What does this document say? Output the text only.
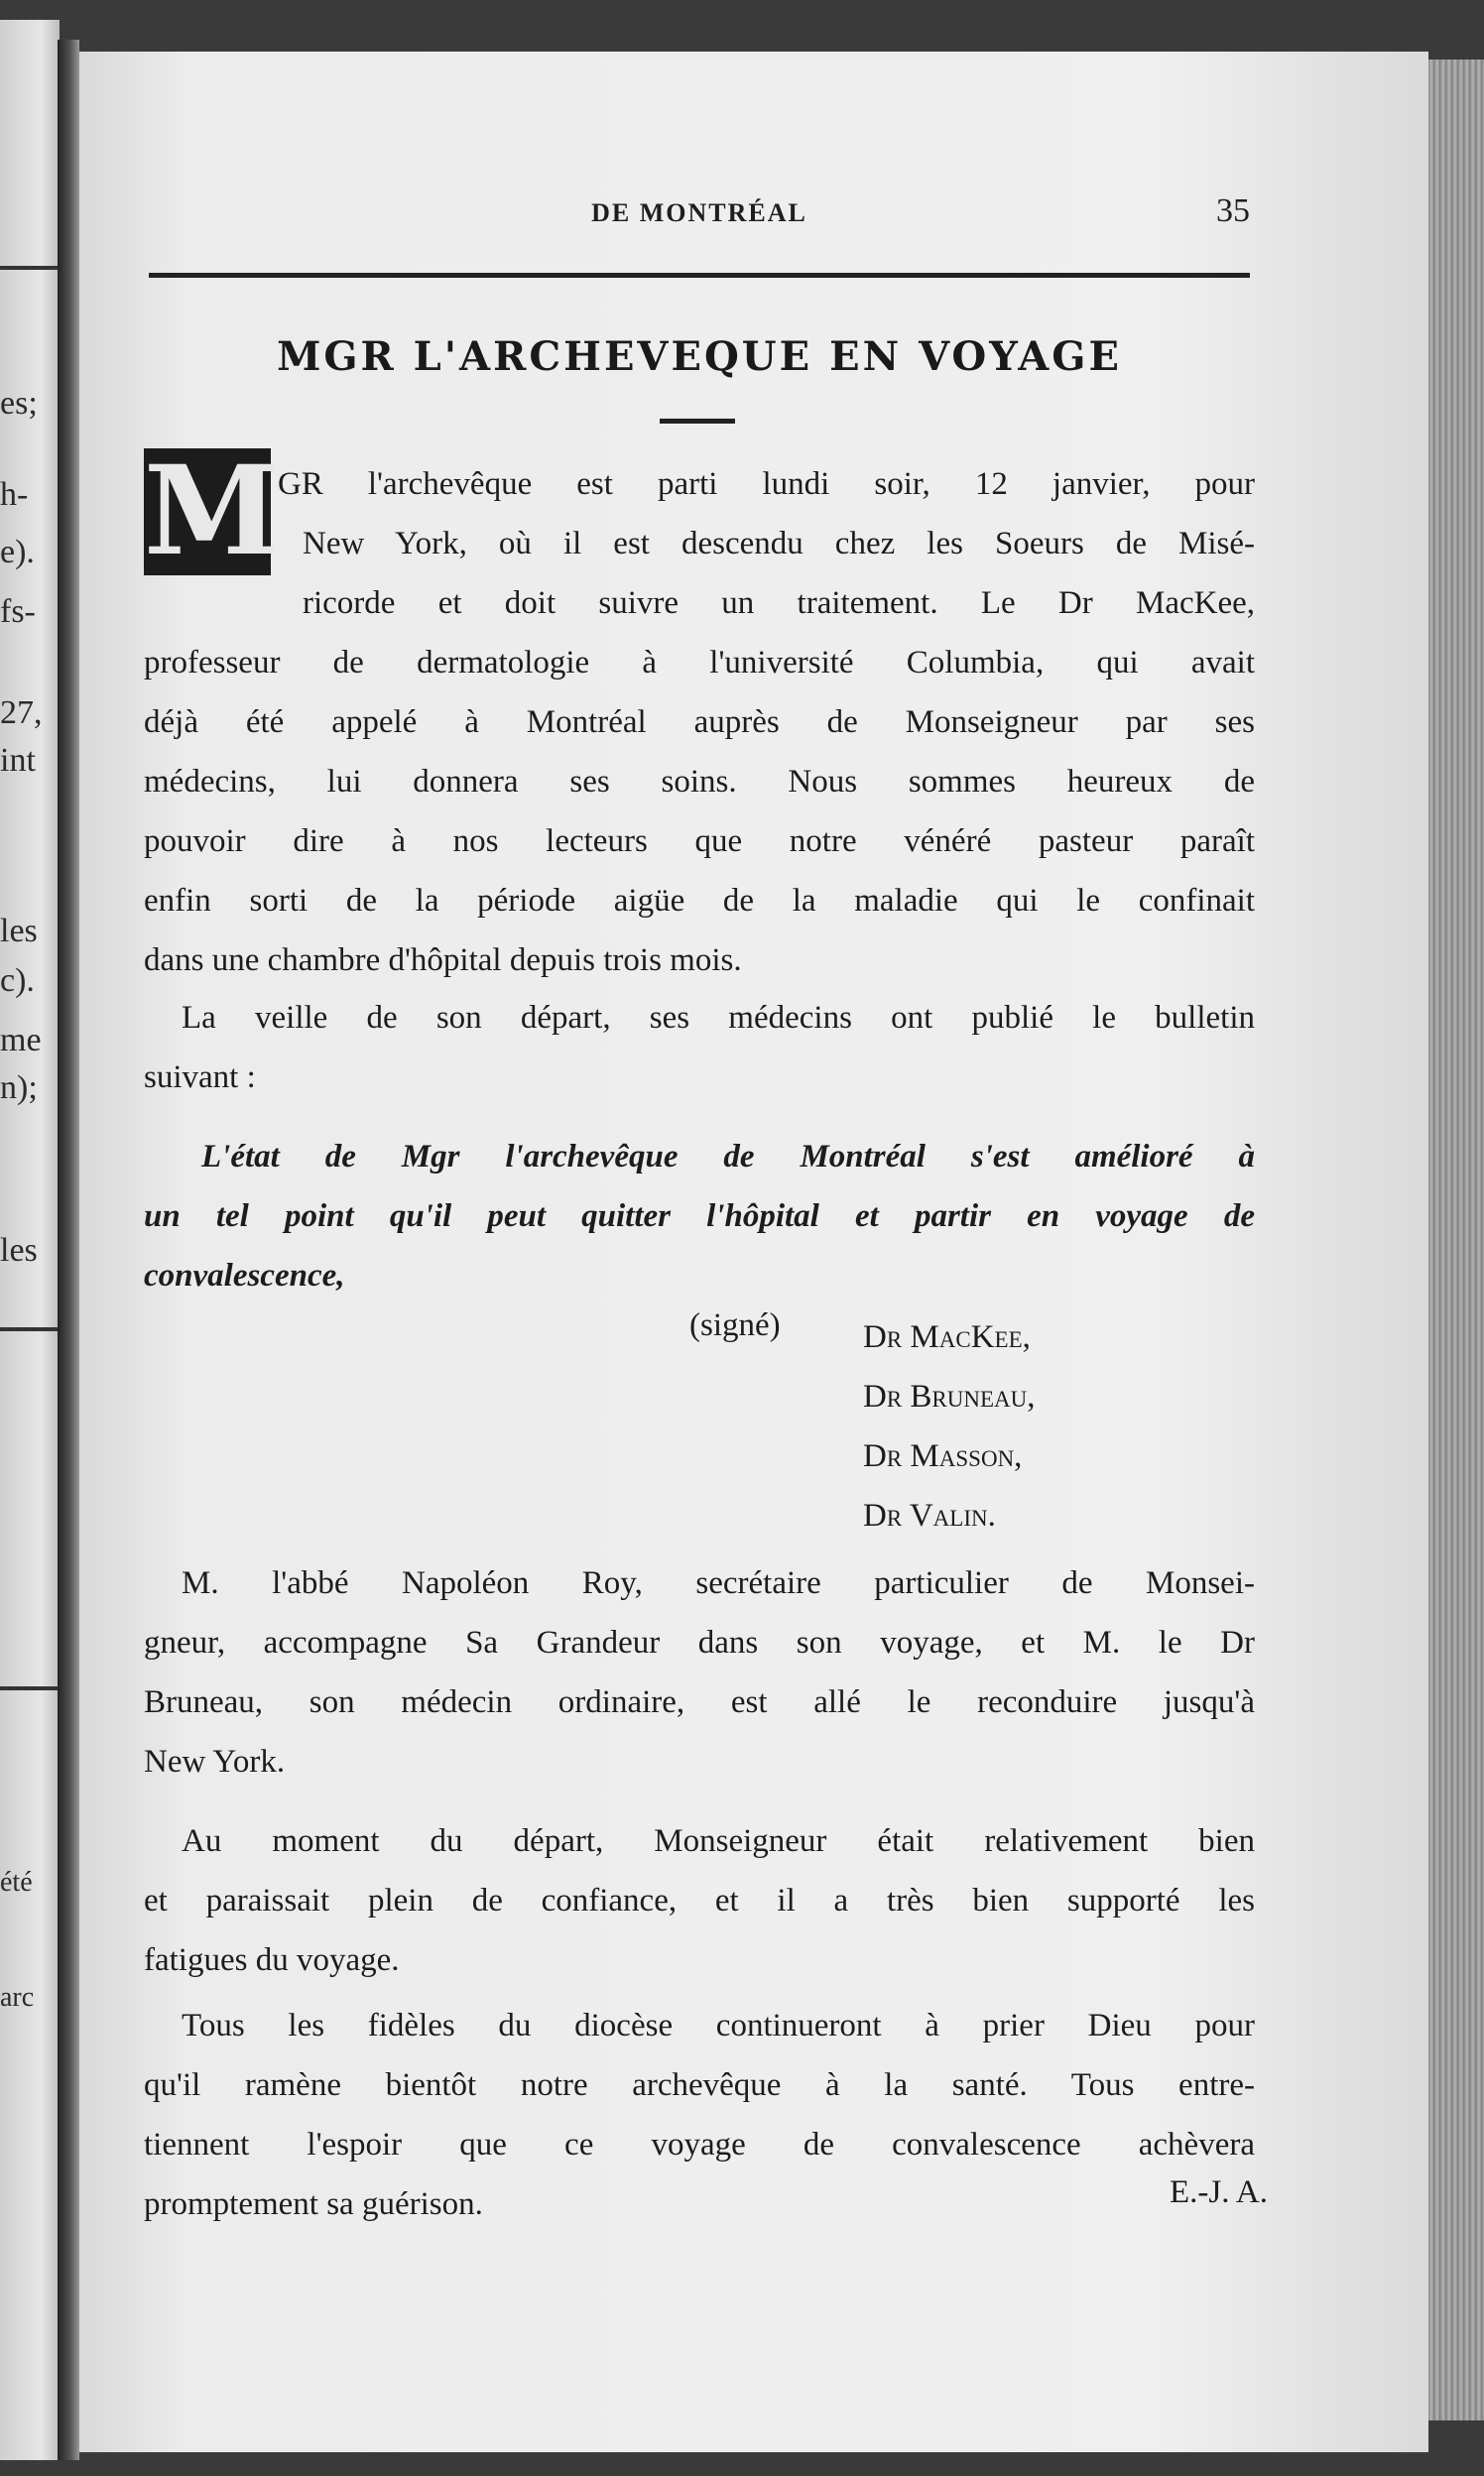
es;
h-
e).
fs-
27,
int
les
c).
me
n);
les
été
arc
DE MONTRÉAL	35
MGR L'ARCHEVEQUE EN VOYAGE
M
GR l'archevêque est parti lundi soir, 12 janvier, pour
New York, où il est descendu chez les Soeurs de Misé-
ricorde et doit suivre un traitement. Le Dr MacKee,
professeur de dermatologie à l'université Columbia, qui avait
déjà été appelé à Montréal auprès de Monseigneur par ses
médecins, lui donnera ses soins. Nous sommes heureux de
pouvoir dire à nos lecteurs que notre vénéré pasteur paraît
enfin sorti de la période aigüe de la maladie qui le confinait
dans une chambre d'hôpital depuis trois mois.
La veille de son départ, ses médecins ont publié le bulletin
suivant :
L'état de Mgr l'archevêque de Montréal s'est amélioré à
un tel point qu'il peut quitter l'hôpital et partir en voyage de
convalescence,
(signé)	Dr MacKee,
Dr Bruneau,
Dr Masson,
Dr Valin.
M. l'abbé Napoléon Roy, secrétaire particulier de Monsei-
gneur, accompagne Sa Grandeur dans son voyage, et M. le Dr
Bruneau, son médecin ordinaire, est allé le reconduire jusqu'à
New York.
Au moment du départ, Monseigneur était relativement bien
et paraissait plein de confiance, et il a très bien supporté les
fatigues du voyage.
Tous les fidèles du diocèse continueront à prier Dieu pour
qu'il ramène bientôt notre archevêque à la santé. Tous entre-
tiennent l'espoir que ce voyage de convalescence achèvera
promptement sa guérison.	E.-J. A.
